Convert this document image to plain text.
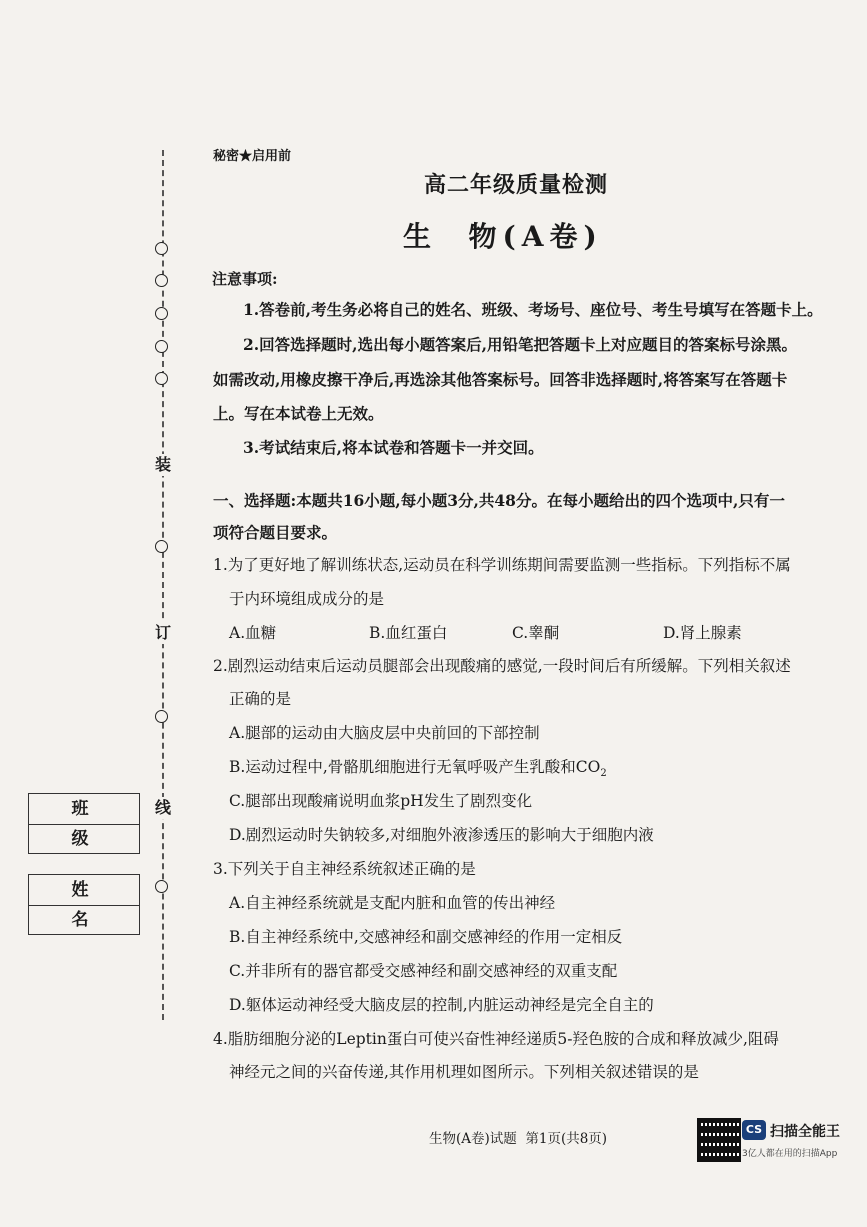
装
订
线
班 级
姓 名
秘密★启用前
高二年级质量检测
生  物(A卷)
注意事项:
1.答卷前,考生务必将自己的姓名、班级、考场号、座位号、考生号填写在答题卡上。
2.回答选择题时,选出每小题答案后,用铅笔把答题卡上对应题目的答案标号涂黑。
如需改动,用橡皮擦干净后,再选涂其他答案标号。回答非选择题时,将答案写在答题卡
上。写在本试卷上无效。
3.考试结束后,将本试卷和答题卡一并交回。
一、选择题:本题共16小题,每小题3分,共48分。在每小题给出的四个选项中,只有一
项符合题目要求。
1.为了更好地了解训练状态,运动员在科学训练期间需要监测一些指标。下列指标不属
于内环境组成成分的是
A.血糖	B.血红蛋白	C.睾酮	D.肾上腺素
2.剧烈运动结束后运动员腿部会出现酸痛的感觉,一段时间后有所缓解。下列相关叙述
正确的是
A.腿部的运动由大脑皮层中央前回的下部控制
B.运动过程中,骨骼肌细胞进行无氧呼吸产生乳酸和$CO_2$
C.腿部出现酸痛说明血浆pH发生了剧烈变化
D.剧烈运动时失钠较多,对细胞外液渗透压的影响大于细胞内液
3.下列关于自主神经系统叙述正确的是
A.自主神经系统就是支配内脏和血管的传出神经
B.自主神经系统中,交感神经和副交感神经的作用一定相反
C.并非所有的器官都受交感神经和副交感神经的双重支配
D.躯体运动神经受大脑皮层的控制,内脏运动神经是完全自主的
4.脂肪细胞分泌的Leptin蛋白可使兴奋性神经递质5-羟色胺的合成和释放减少,阻碍
神经元之间的兴奋传递,其作用机理如图所示。下列相关叙述错误的是
生物(A卷)试题  第1页(共8页)
CS 扫描全能王
3亿人都在用的扫描App
